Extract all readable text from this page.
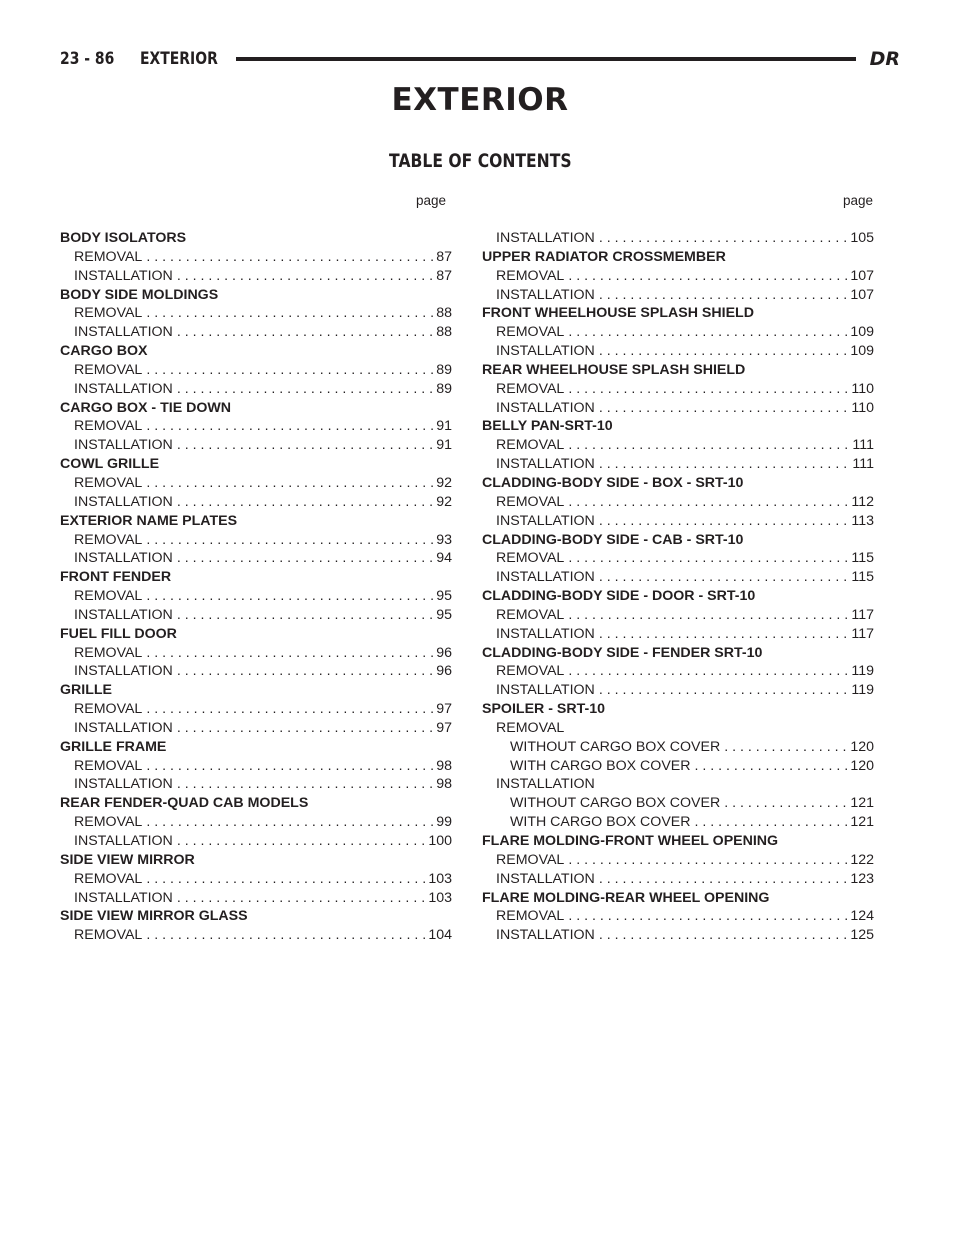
23 - 86	EXTERIOR	DR
EXTERIOR
TABLE OF CONTENTS
page	page
BODY ISOLATORS
REMOVAL . . .	87
INSTALLATION . . .	87
BODY SIDE MOLDINGS
REMOVAL . . .	88
INSTALLATION . . .	88
CARGO BOX
REMOVAL . . .	89
INSTALLATION . . .	89
CARGO BOX - TIE DOWN
REMOVAL . . .	91
INSTALLATION . . .	91
COWL GRILLE
REMOVAL . . .	92
INSTALLATION . . .	92
EXTERIOR NAME PLATES
REMOVAL . . .	93
INSTALLATION . . .	94
FRONT FENDER
REMOVAL . . .	95
INSTALLATION . . .	95
FUEL FILL DOOR
REMOVAL . . .	96
INSTALLATION . . .	96
GRILLE
REMOVAL . . .	97
INSTALLATION . . .	97
GRILLE FRAME
REMOVAL . . .	98
INSTALLATION . . .	98
REAR FENDER-QUAD CAB MODELS
REMOVAL . . .	99
INSTALLATION . . .	100
SIDE VIEW MIRROR
REMOVAL . . .	103
INSTALLATION . . .	103
SIDE VIEW MIRROR GLASS
REMOVAL . . .	104
INSTALLATION . . .	105
UPPER RADIATOR CROSSMEMBER
REMOVAL . . .	107
INSTALLATION . . .	107
FRONT WHEELHOUSE SPLASH SHIELD
REMOVAL . . .	109
INSTALLATION . . .	109
REAR WHEELHOUSE SPLASH SHIELD
REMOVAL . . .	110
INSTALLATION . . .	110
BELLY PAN-SRT-10
REMOVAL . . .	111
INSTALLATION . . .	111
CLADDING-BODY SIDE - BOX - SRT-10
REMOVAL . . .	112
INSTALLATION . . .	113
CLADDING-BODY SIDE - CAB - SRT-10
REMOVAL . . .	115
INSTALLATION . . .	115
CLADDING-BODY SIDE - DOOR - SRT-10
REMOVAL . . .	117
INSTALLATION . . .	117
CLADDING-BODY SIDE - FENDER SRT-10
REMOVAL . . .	119
INSTALLATION . . .	119
SPOILER - SRT-10
REMOVAL
WITHOUT CARGO BOX COVER . . .	120
WITH CARGO BOX COVER . . .	120
INSTALLATION
WITHOUT CARGO BOX COVER . . .	121
WITH CARGO BOX COVER . . .	121
FLARE MOLDING-FRONT WHEEL OPENING
REMOVAL . . .	122
INSTALLATION . . .	123
FLARE MOLDING-REAR WHEEL OPENING
REMOVAL . . .	124
INSTALLATION . . .	125
